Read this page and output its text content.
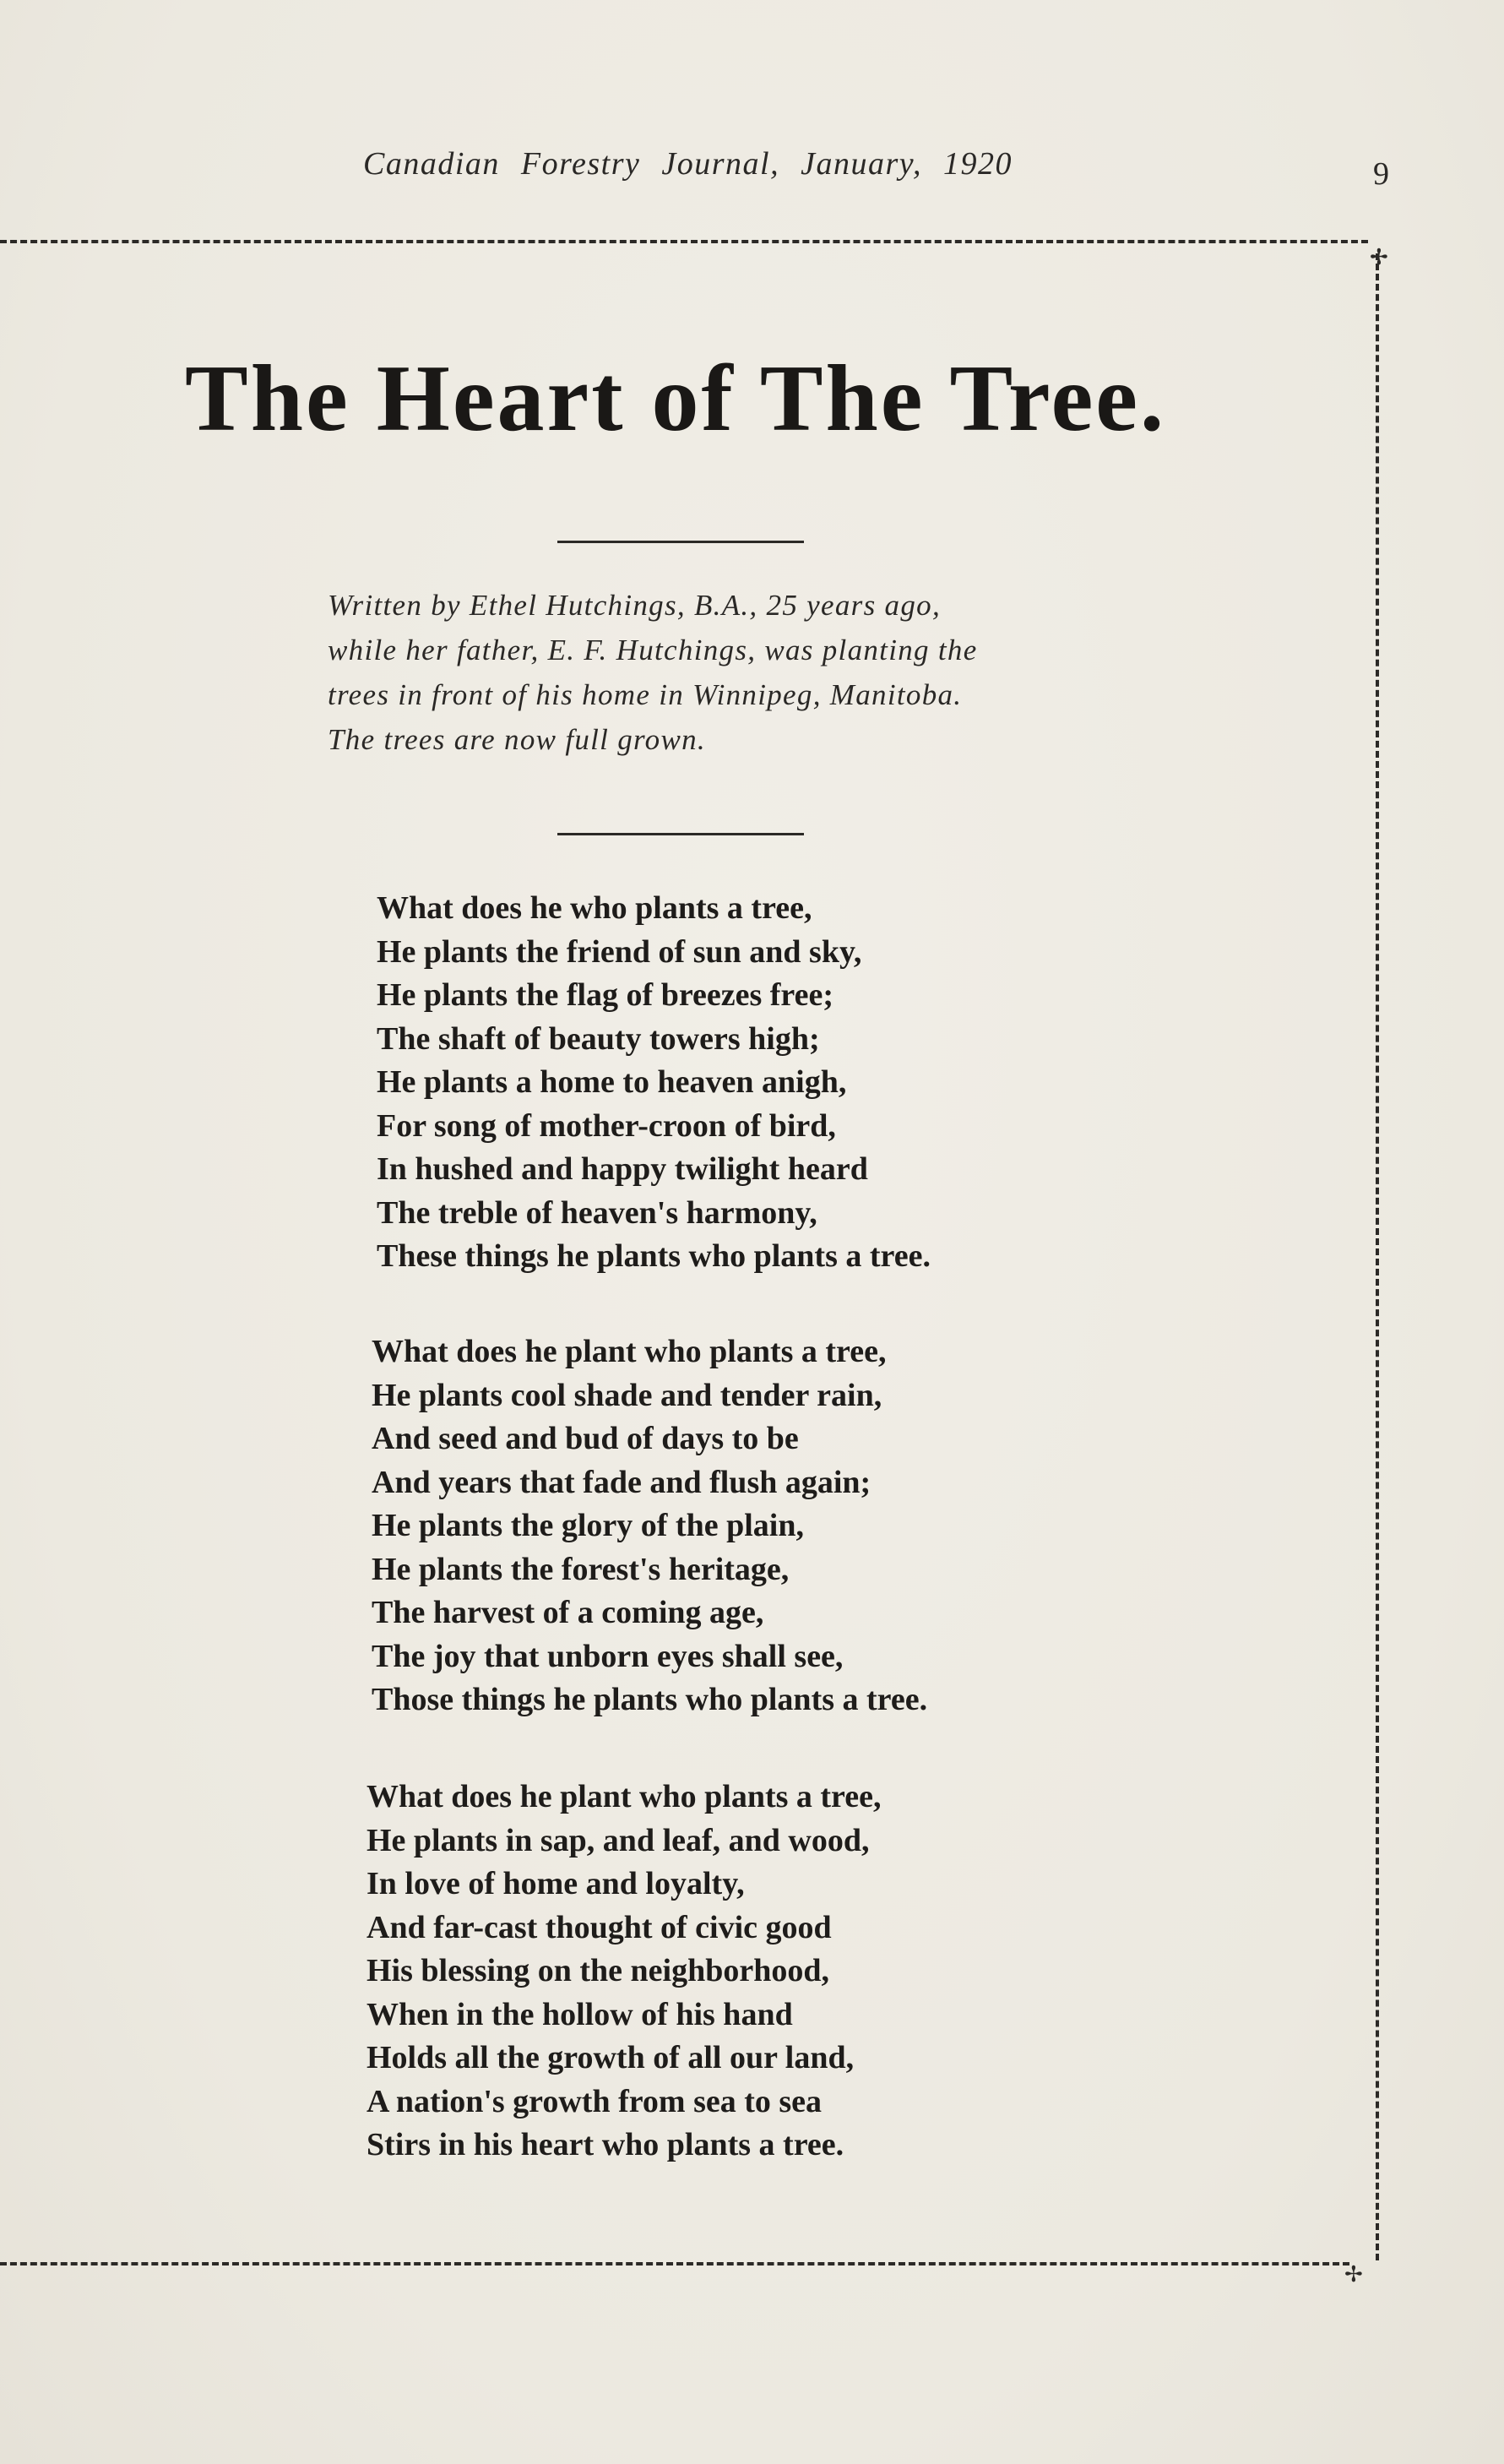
Canadian Forestry Journal, January, 1920	9
✢
✢
The Heart of The Tree.
Written by Ethel Hutchings, B.A., 25 years ago,
while her father, E. F. Hutchings, was planting the
trees in front of his home in Winnipeg, Manitoba.
The trees are now full grown.
What does he who plants a tree,
He plants the friend of sun and sky,
He plants the flag of breezes free;
The shaft of beauty towers high;
He plants a home to heaven anigh,
For song of mother-croon of bird,
In hushed and happy twilight heard
The treble of heaven's harmony,
These things he plants who plants a tree.
What does he plant who plants a tree,
He plants cool shade and tender rain,
And seed and bud of days to be
And years that fade and flush again;
He plants the glory of the plain,
He plants the forest's heritage,
The harvest of a coming age,
The joy that unborn eyes shall see,
Those things he plants who plants a tree.
What does he plant who plants a tree,
He plants in sap, and leaf, and wood,
In love of home and loyalty,
And far-cast thought of civic good
His blessing on the neighborhood,
When in the hollow of his hand
Holds all the growth of all our land,
A nation's growth from sea to sea
Stirs in his heart who plants a tree.
